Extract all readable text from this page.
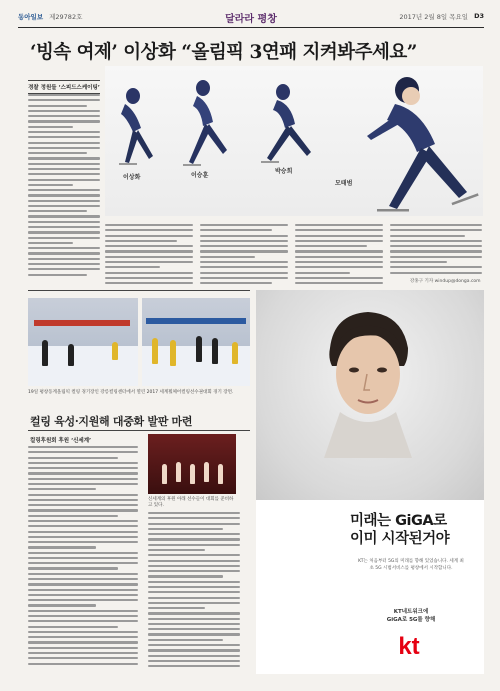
동아일보 제29782호	달라라 평창	2017년 2월 8일 목요일 D3
‘빙속 여제’ 이상화 “올림픽 3연패 지켜봐주세요”
이상화	이승훈
박승희
모태범
경찰 정원들 ‘스피드스케이팅’
강홍구 기자 windup@donga.com
19일 평창동계올림픽 컬링 경기장인 강릉컬링센터에서 열린 2017 세계휠체어컬링선수권대회 경기 장면.
컬링 육성·지원해 대중화 발판 마련
컬링후원회 후원 ‘신세계’
신세계의 후원 아래 선수들이 대회를 준비하고 있다.
미래는 GiGA로
이미 시작된거야
KT는 처음부터 5G의 미래를 향해 있었습니다. 세계 최초 5G 시범서비스를 평창에서 시작합니다.
KT네트워크에
GiGA로 5G를 향해
kt
